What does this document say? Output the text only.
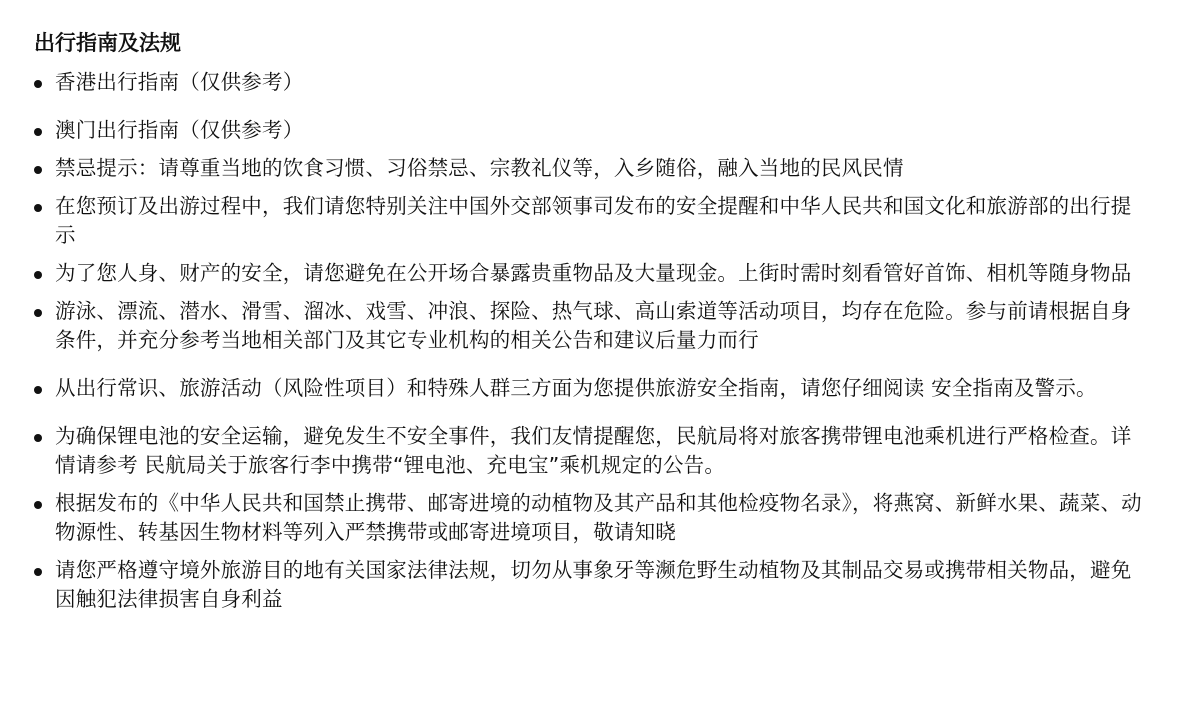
出行指南及法规
香港出行指南（仅供参考）
澳门出行指南（仅供参考）
禁忌提示：请尊重当地的饮食习惯、习俗禁忌、宗教礼仪等，入乡随俗，融入当地的民风民情
在您预订及出游过程中，我们请您特别关注中国外交部领事司发布的安全提醒和中华人民共和国文化和旅游部的出行提示
为了您人身、财产的安全，请您避免在公开场合暴露贵重物品及大量现金。上街时需时刻看管好首饰、相机等随身物品
游泳、漂流、潜水、滑雪、溜冰、戏雪、冲浪、探险、热气球、高山索道等活动项目，均存在危险。参与前请根据自身条件，并充分参考当地相关部门及其它专业机构的相关公告和建议后量力而行
从出行常识、旅游活动（风险性项目）和特殊人群三方面为您提供旅游安全指南，请您仔细阅读 安全指南及警示。
为确保锂电池的安全运输，避免发生不安全事件，我们友情提醒您，民航局将对旅客携带锂电池乘机进行严格检查。详情请参考 民航局关于旅客行李中携带“锂电池、充电宝”乘机规定的公告。
根据发布的《中华人民共和国禁止携带、邮寄进境的动植物及其产品和其他检疫物名录》，将燕窝、新鲜水果、蔬菜、动物源性、转基因生物材料等列入严禁携带或邮寄进境项目，敬请知晓
请您严格遵守境外旅游目的地有关国家法律法规，切勿从事象牙等濒危野生动植物及其制品交易或携带相关物品，避免因触犯法律损害自身利益
